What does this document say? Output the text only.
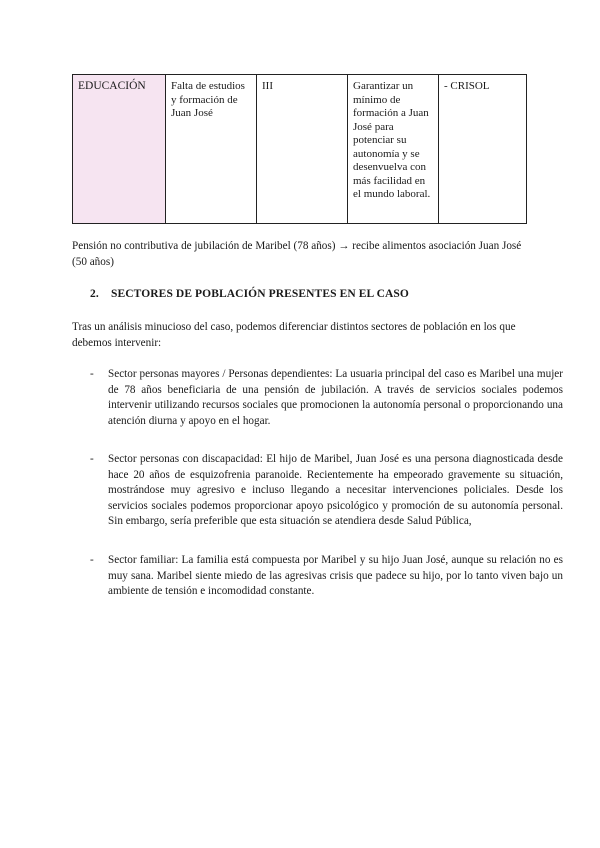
EDUCACIÓN	Falta de estudios y formación de Juan José	III	Garantizar un mínimo de formación a Juan José para potenciar su autonomía y se desenvuelva con más facilidad en el mundo laboral.	- CRISOL

Pensión no contributiva de jubilación de Maribel (78 años) → recibe alimentos asociación Juan José (50 años)

2. SECTORES DE POBLACIÓN PRESENTES EN EL CASO

Tras un análisis minucioso del caso, podemos diferenciar distintos sectores de población en los que debemos intervenir:

- Sector personas mayores / Personas dependientes: La usuaria principal del caso es Maribel una mujer de 78 años beneficiaria de una pensión de jubilación. A través de servicios sociales podemos intervenir utilizando recursos sociales que promocionen la autonomía personal o proporcionando una atención diurna y apoyo en el hogar.
- Sector personas con discapacidad: El hijo de Maribel, Juan José es una persona diagnosticada desde hace 20 años de esquizofrenia paranoide. Recientemente ha empeorado gravemente su situación, mostrándose muy agresivo e incluso llegando a necesitar intervenciones policiales. Desde los servicios sociales podemos proporcionar apoyo psicológico y promoción de su autonomía personal. Sin embargo, sería preferible que esta situación se atendiera desde Salud Pública,
- Sector familiar: La familia está compuesta por Maribel y su hijo Juan José, aunque su relación no es muy sana. Maribel siente miedo de las agresivas crisis que padece su hijo, por lo tanto viven bajo un ambiente de tensión e incomodidad constante.
